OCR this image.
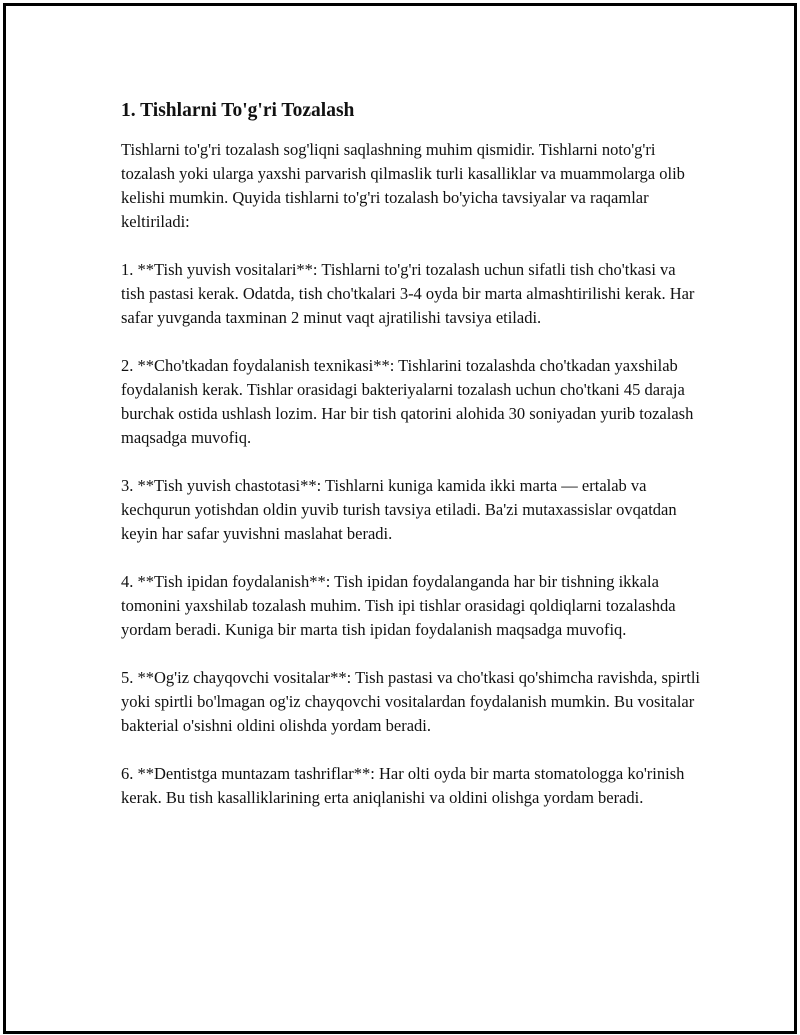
1. Tishlarni To'g'ri Tozalash

Tishlarni to'g'ri tozalash sog'liqni saqlashning muhim qismidir. Tishlarni noto'g'ri tozalash yoki ularga yaxshi parvarish qilmaslik turli kasalliklar va muammolarga olib kelishi mumkin. Quyida tishlarni to'g'ri tozalash bo'yicha tavsiyalar va raqamlar keltiriladi:

1. **Tish yuvish vositalari**: Tishlarni to'g'ri tozalash uchun sifatli tish cho'tkasi va tish pastasi kerak. Odatda, tish cho'tkalari 3-4 oyda bir marta almashtirilishi kerak. Har safar yuvganda taxminan 2 minut vaqt ajratilishi tavsiya etiladi.

2. **Cho'tkadan foydalanish texnikasi**: Tishlarini tozalashda cho'tkadan yaxshilab foydalanish kerak. Tishlar orasidagi bakteriyalarni tozalash uchun cho'tkani 45 daraja burchak ostida ushlash lozim. Har bir tish qatorini alohida 30 soniyadan yurib tozalash maqsadga muvofiq.

3. **Tish yuvish chastotasi**: Tishlarni kuniga kamida ikki marta — ertalab va kechqurun yotishdan oldin yuvib turish tavsiya etiladi. Ba'zi mutaxassislar ovqatdan keyin har safar yuvishni maslahat beradi.

4. **Tish ipidan foydalanish**: Tish ipidan foydalanganda har bir tishning ikkala tomonini yaxshilab tozalash muhim. Tish ipi tishlar orasidagi qoldiqlarni tozalashda yordam beradi. Kuniga bir marta tish ipidan foydalanish maqsadga muvofiq.

5. **Og'iz chayqovchi vositalar**: Tish pastasi va cho'tkasi qo'shimcha ravishda, spirtli yoki spirtli bo'lmagan og'iz chayqovchi vositalardan foydalanish mumkin. Bu vositalar bakterial o'sishni oldini olishda yordam beradi.

6. **Dentistga muntazam tashriflar**: Har olti oyda bir marta stomatologga ko'rinish kerak. Bu tish kasalliklarining erta aniqlanishi va oldini olishga yordam beradi.
